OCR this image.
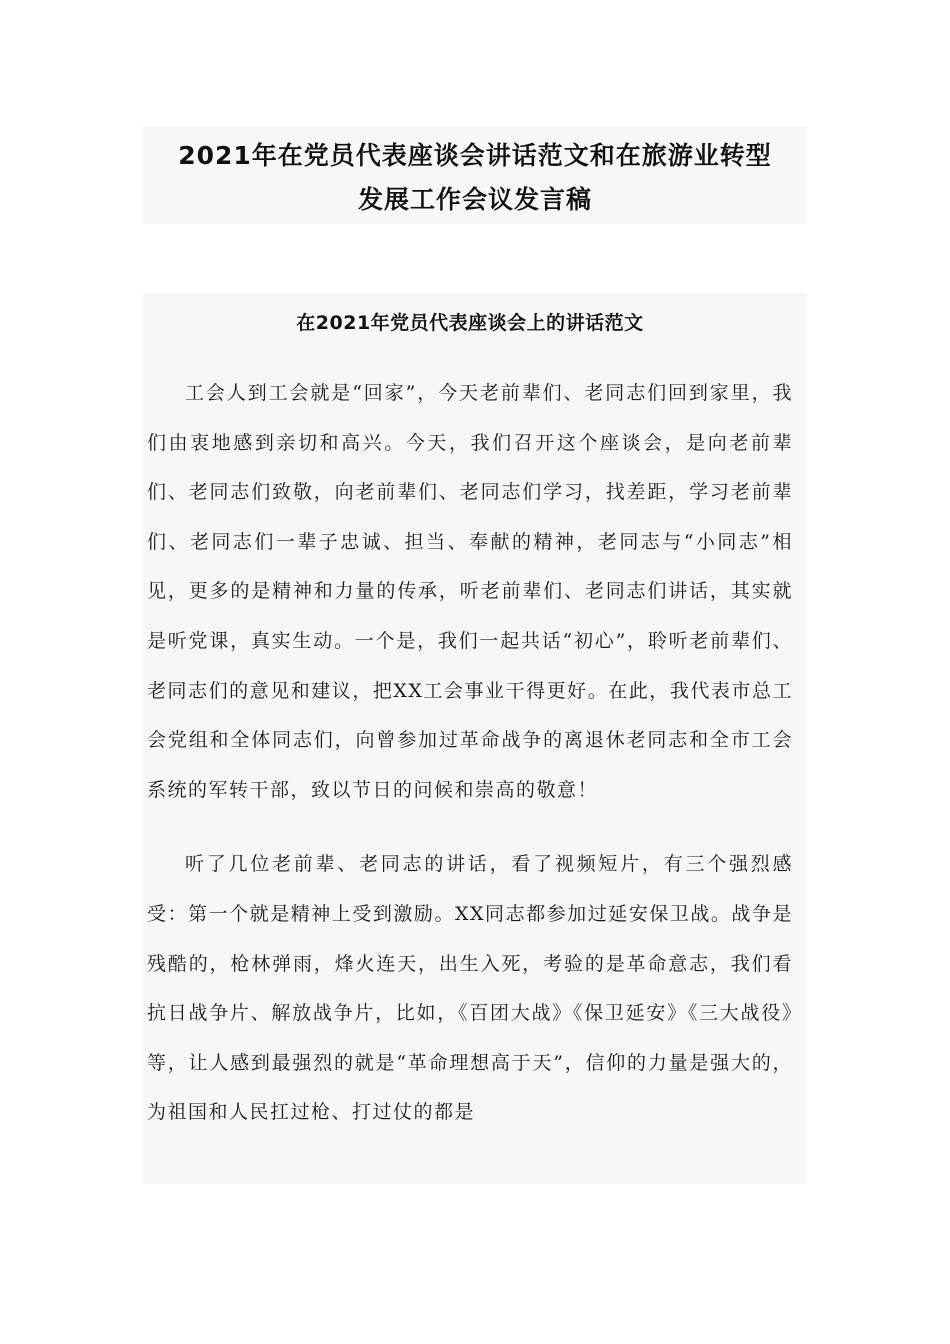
2021年在党员代表座谈会讲话范文和在旅游业转型
发展工作会议发言稿
在2021年党员代表座谈会上的讲话范文

工会人到工会就是“回家”，今天老前辈们、老同志们回到家里，我们由衷地感到亲切和高兴。今天，我们召开这个座谈会，是向老前辈们、老同志们致敬，向老前辈们、老同志们学习，找差距，学习老前辈们、老同志们一辈子忠诚、担当、奉献的精神，老同志与“小同志”相见，更多的是精神和力量的传承，听老前辈们、老同志们讲话，其实就是听党课，真实生动。一个是，我们一起共话“初心”，聆听老前辈们、老同志们的意见和建议，把XX工会事业干得更好。在此，我代表市总工会党组和全体同志们，向曾参加过革命战争的离退休老同志和全市工会系统的军转干部，致以节日的问候和崇高的敬意！

听了几位老前辈、老同志的讲话，看了视频短片，有三个强烈感受：第一个就是精神上受到激励。XX同志都参加过延安保卫战。战争是残酷的，枪林弹雨，烽火连天，出生入死，考验的是革命意志，我们看抗日战争片、解放战争片，比如，《百团大战》《保卫延安》《三大战役》等，让人感到最强烈的就是“革命理想高于天”，信仰的力量是强大的，为祖国和人民扛过枪、打过仗的都是
